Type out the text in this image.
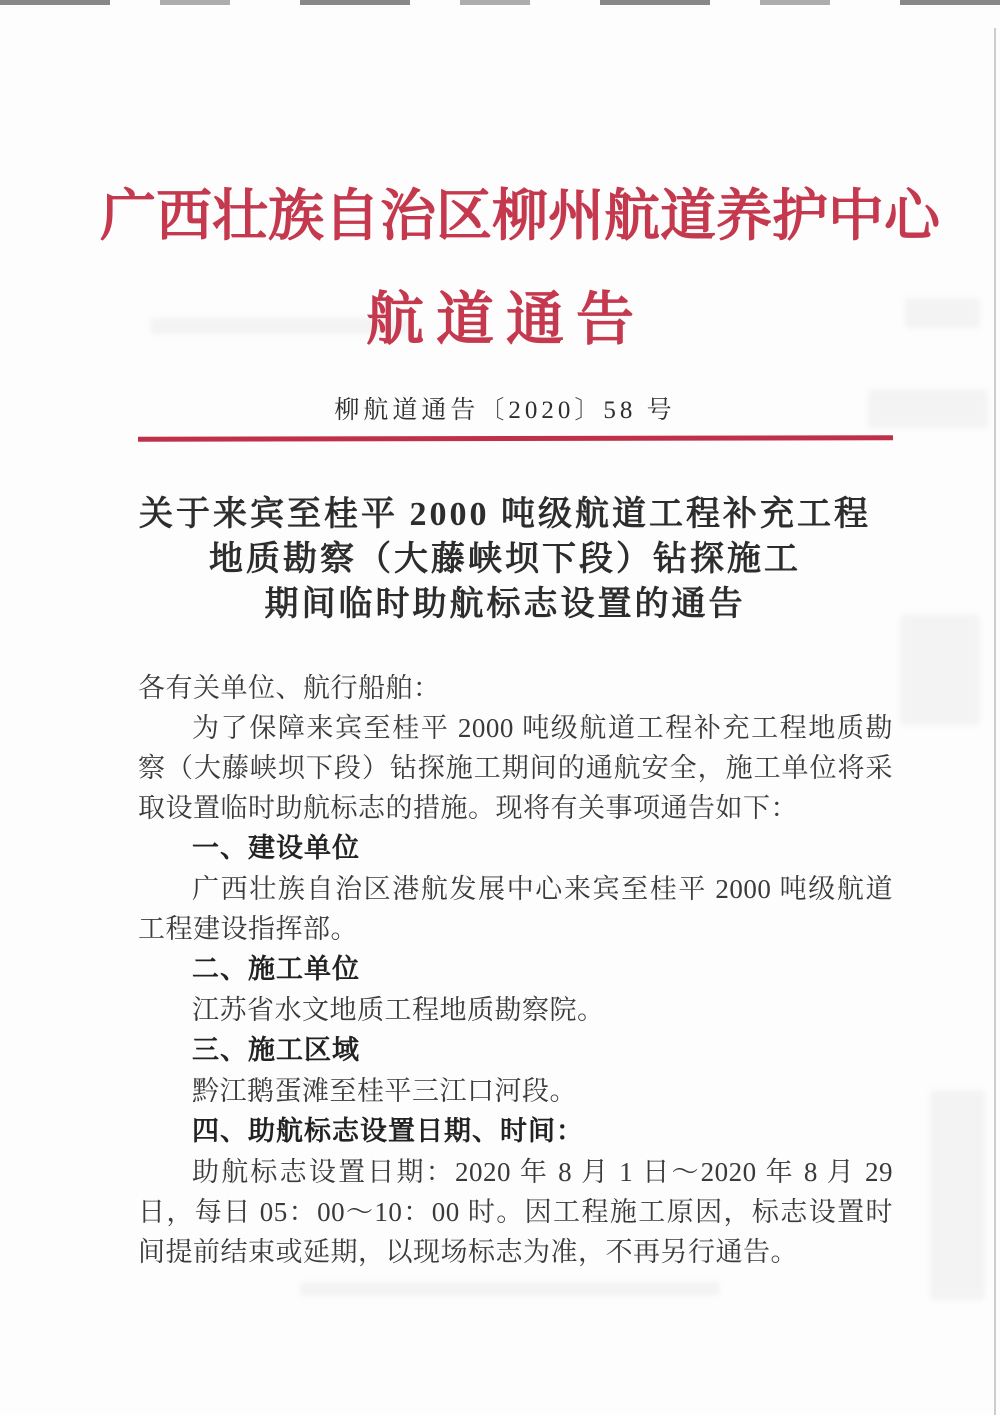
广西壮族自治区柳州航道养护中心
航道通告
柳航道通告〔2020〕58 号
关于来宾至桂平 2000 吨级航道工程补充工程
地质勘察（大藤峡坝下段）钻探施工
期间临时助航标志设置的通告

各有关单位、航行船舶：

为了保障来宾至桂平 2000 吨级航道工程补充工程地质勘察（大藤峡坝下段）钻探施工期间的通航安全，施工单位将采取设置临时助航标志的措施。现将有关事项通告如下：

一、建设单位

广西壮族自治区港航发展中心来宾至桂平 2000 吨级航道工程建设指挥部。

二、施工单位

江苏省水文地质工程地质勘察院。

三、施工区域

黔江鹅蛋滩至桂平三江口河段。

四、助航标志设置日期、时间：

助航标志设置日期：2020 年 8 月 1 日～2020 年 8 月 29 日，每日 05：00～10：00 时。因工程施工原因，标志设置时间提前结束或延期，以现场标志为准，不再另行通告。
